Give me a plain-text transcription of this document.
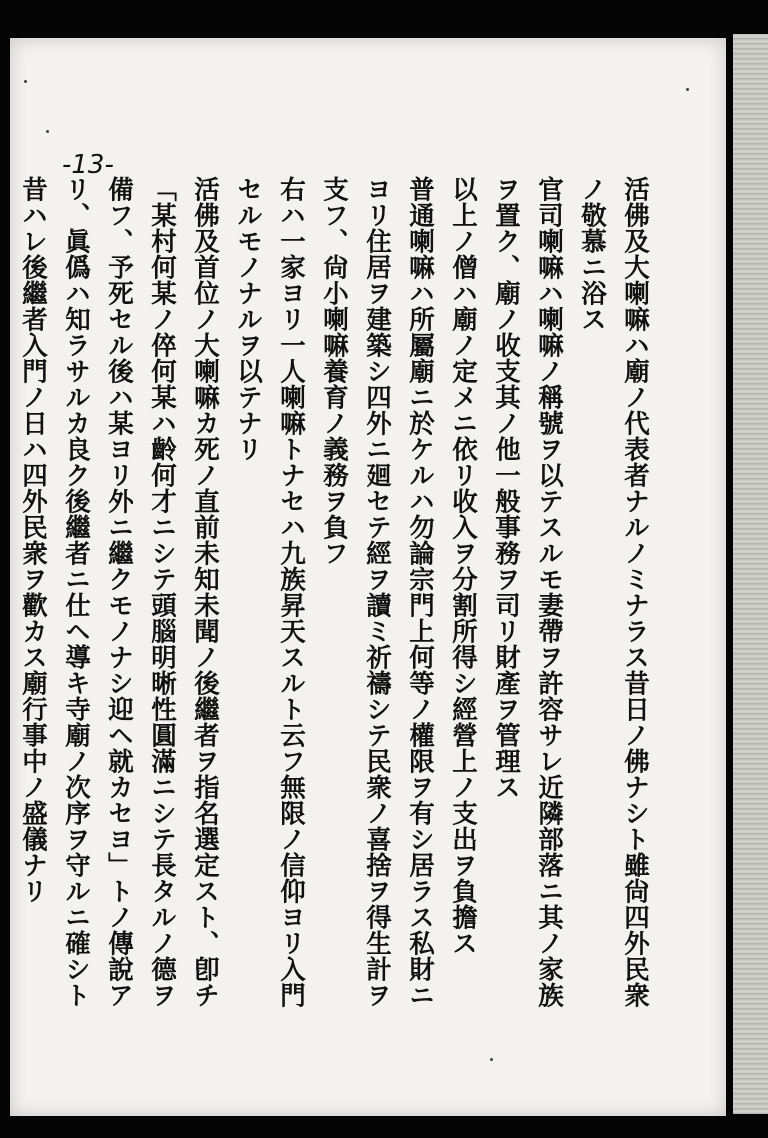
-13-

活佛及大喇嘛ハ廟ノ代表者ナルノミナラス昔日ノ佛ナシト雖尙四外民衆
ノ敬慕ニ浴ス
官司喇嘛ハ喇嘛ノ稱號ヲ以テスルモ妻帶ヲ許容サレ近隣部落ニ其ノ家族
ヲ置ク、廟ノ收支其ノ他一般事務ヲ司リ財產ヲ管理ス
以上ノ僧ハ廟ノ定メニ依リ收入ヲ分割所得シ經營上ノ支出ヲ負擔ス
普通喇嘛ハ所屬廟ニ於ケルハ勿論宗門上何等ノ權限ヲ有シ居ラス私財ニ
ヨリ住居ヲ建築シ四外ニ廻セテ經ヲ讀ミ祈禱シテ民衆ノ喜捨ヲ得生計ヲ
支フ、尙小喇嘛養育ノ義務ヲ負フ
右ハ一家ヨリ一人喇嘛トナセハ九族昇天スルト云フ無限ノ信仰ヨリ入門
セルモノナルヲ以テナリ
活佛及首位ノ大喇嘛カ死ノ直前未知未聞ノ後繼者ヲ指名選定スト、卽チ
「某村何某ノ倅何某ハ齡何才ニシテ頭腦明晰性圓滿ニシテ長タルノ德ヲ
備フ、予死セル後ハ某ヨリ外ニ繼クモノナシ迎ヘ就カセヨ」トノ傳說ア
リ、眞僞ハ知ラサルカ良ク後繼者ニ仕ヘ導キ寺廟ノ次序ヲ守ルニ確シト
昔ハレ後繼者入門ノ日ハ四外民衆ヲ歡カス廟行事中ノ盛儀ナリ
